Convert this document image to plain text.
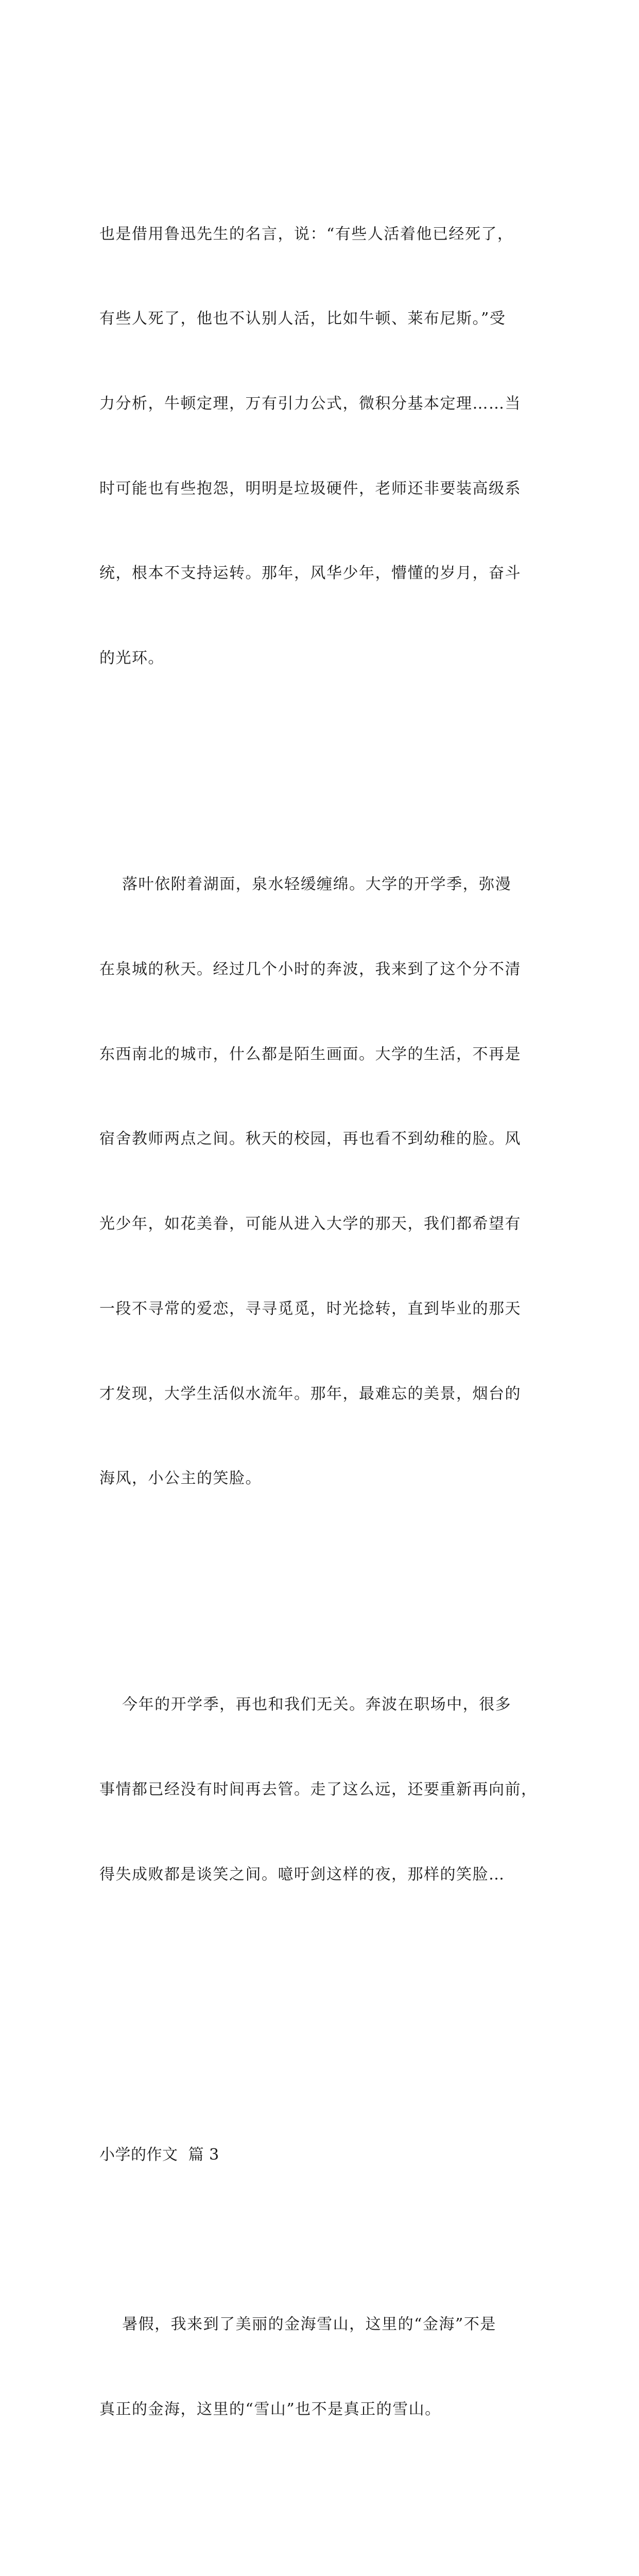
也是借用鲁迅先生的名言，说：“有些人活着他已经死了，

有些人死了，他也不认别人活，比如牛顿、莱布尼斯。”受

力分析，牛顿定理，万有引力公式，微积分基本定理……当

时可能也有些抱怨，明明是垃圾硬件，老师还非要装高级系

统，根本不支持运转。那年，风华少年，懵懂的岁月，奋斗

的光环。

落叶依附着湖面，泉水轻缓缠绵。大学的开学季，弥漫

在泉城的秋天。经过几个小时的奔波，我来到了这个分不清

东西南北的城市，什么都是陌生画面。大学的生活，不再是

宿舍教师两点之间。秋天的校园，再也看不到幼稚的脸。风

光少年，如花美眷，可能从进入大学的那天，我们都希望有

一段不寻常的爱恋，寻寻觅觅，时光捻转，直到毕业的那天

才发现，大学生活似水流年。那年，最难忘的美景，烟台的

海风，小公主的笑脸。

今年的开学季，再也和我们无关。奔波在职场中，很多

事情都已经没有时间再去管。走了这么远，还要重新再向前，

得失成败都是谈笑之间。噫吁剑这样的夜，那样的笑脸…

小学的作文  篇 3

暑假，我来到了美丽的金海雪山，这里的“金海”不是

真正的金海，这里的“雪山”也不是真正的雪山。
